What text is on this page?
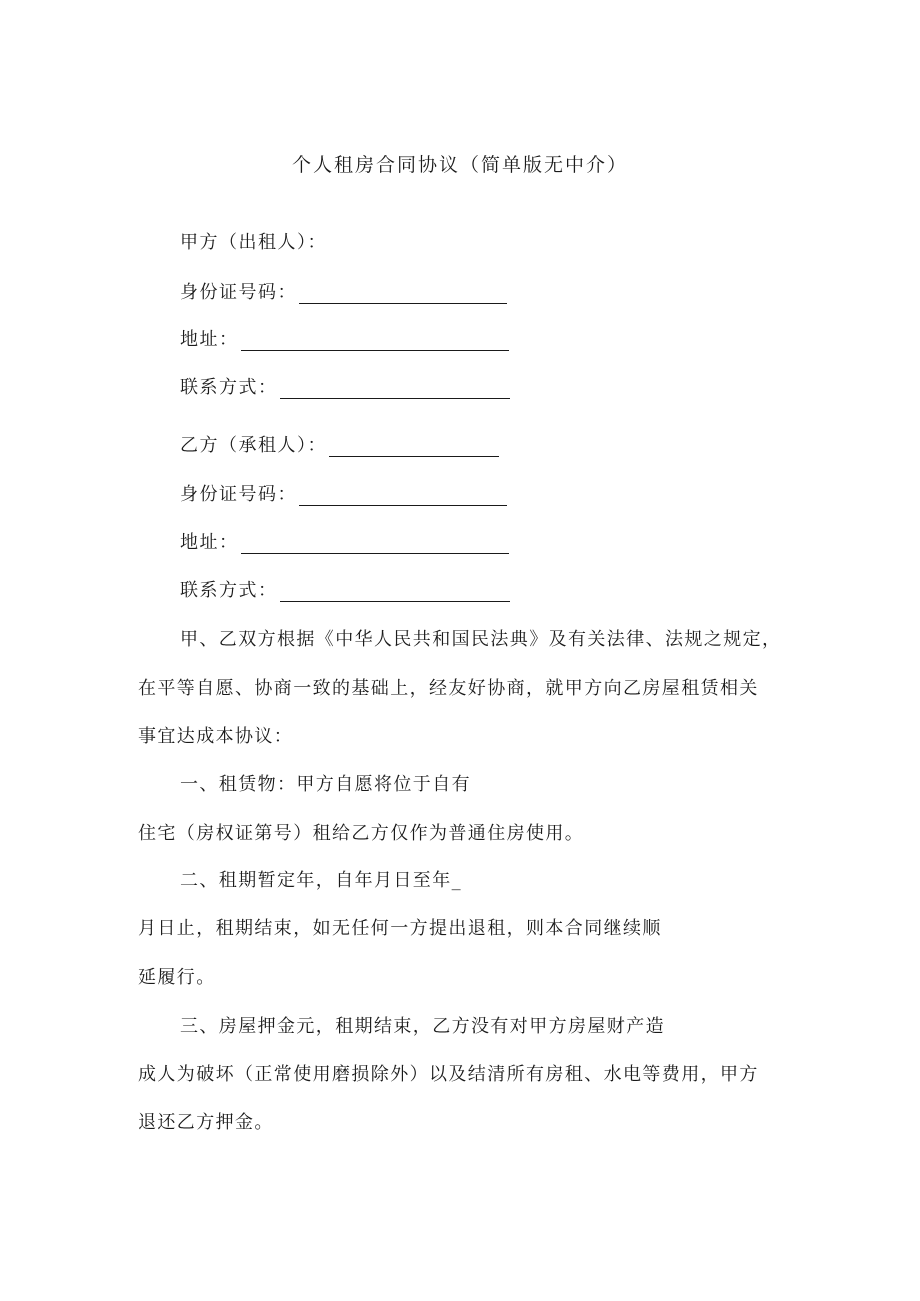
个人租房合同协议（简单版无中介）
甲方（出租人）：
身份证号码：
地址：
联系方式：
乙方（承租人）：
身份证号码：
地址：
联系方式：
甲、乙双方根据《中华人民共和国民法典》及有关法律、法规之规定，
在平等自愿、协商一致的基础上，经友好协商，就甲方向乙房屋租赁相关
事宜达成本协议：
一、租赁物：甲方自愿将位于自有
住宅（房权证第号）租给乙方仅作为普通住房使用。
二、租期暂定年，自年月日至年_
月日止，租期结束，如无任何一方提出退租，则本合同继续顺
延履行。
三、房屋押金元，租期结束，乙方没有对甲方房屋财产造
成人为破坏（正常使用磨损除外）以及结清所有房租、水电等费用，甲方
退还乙方押金。
